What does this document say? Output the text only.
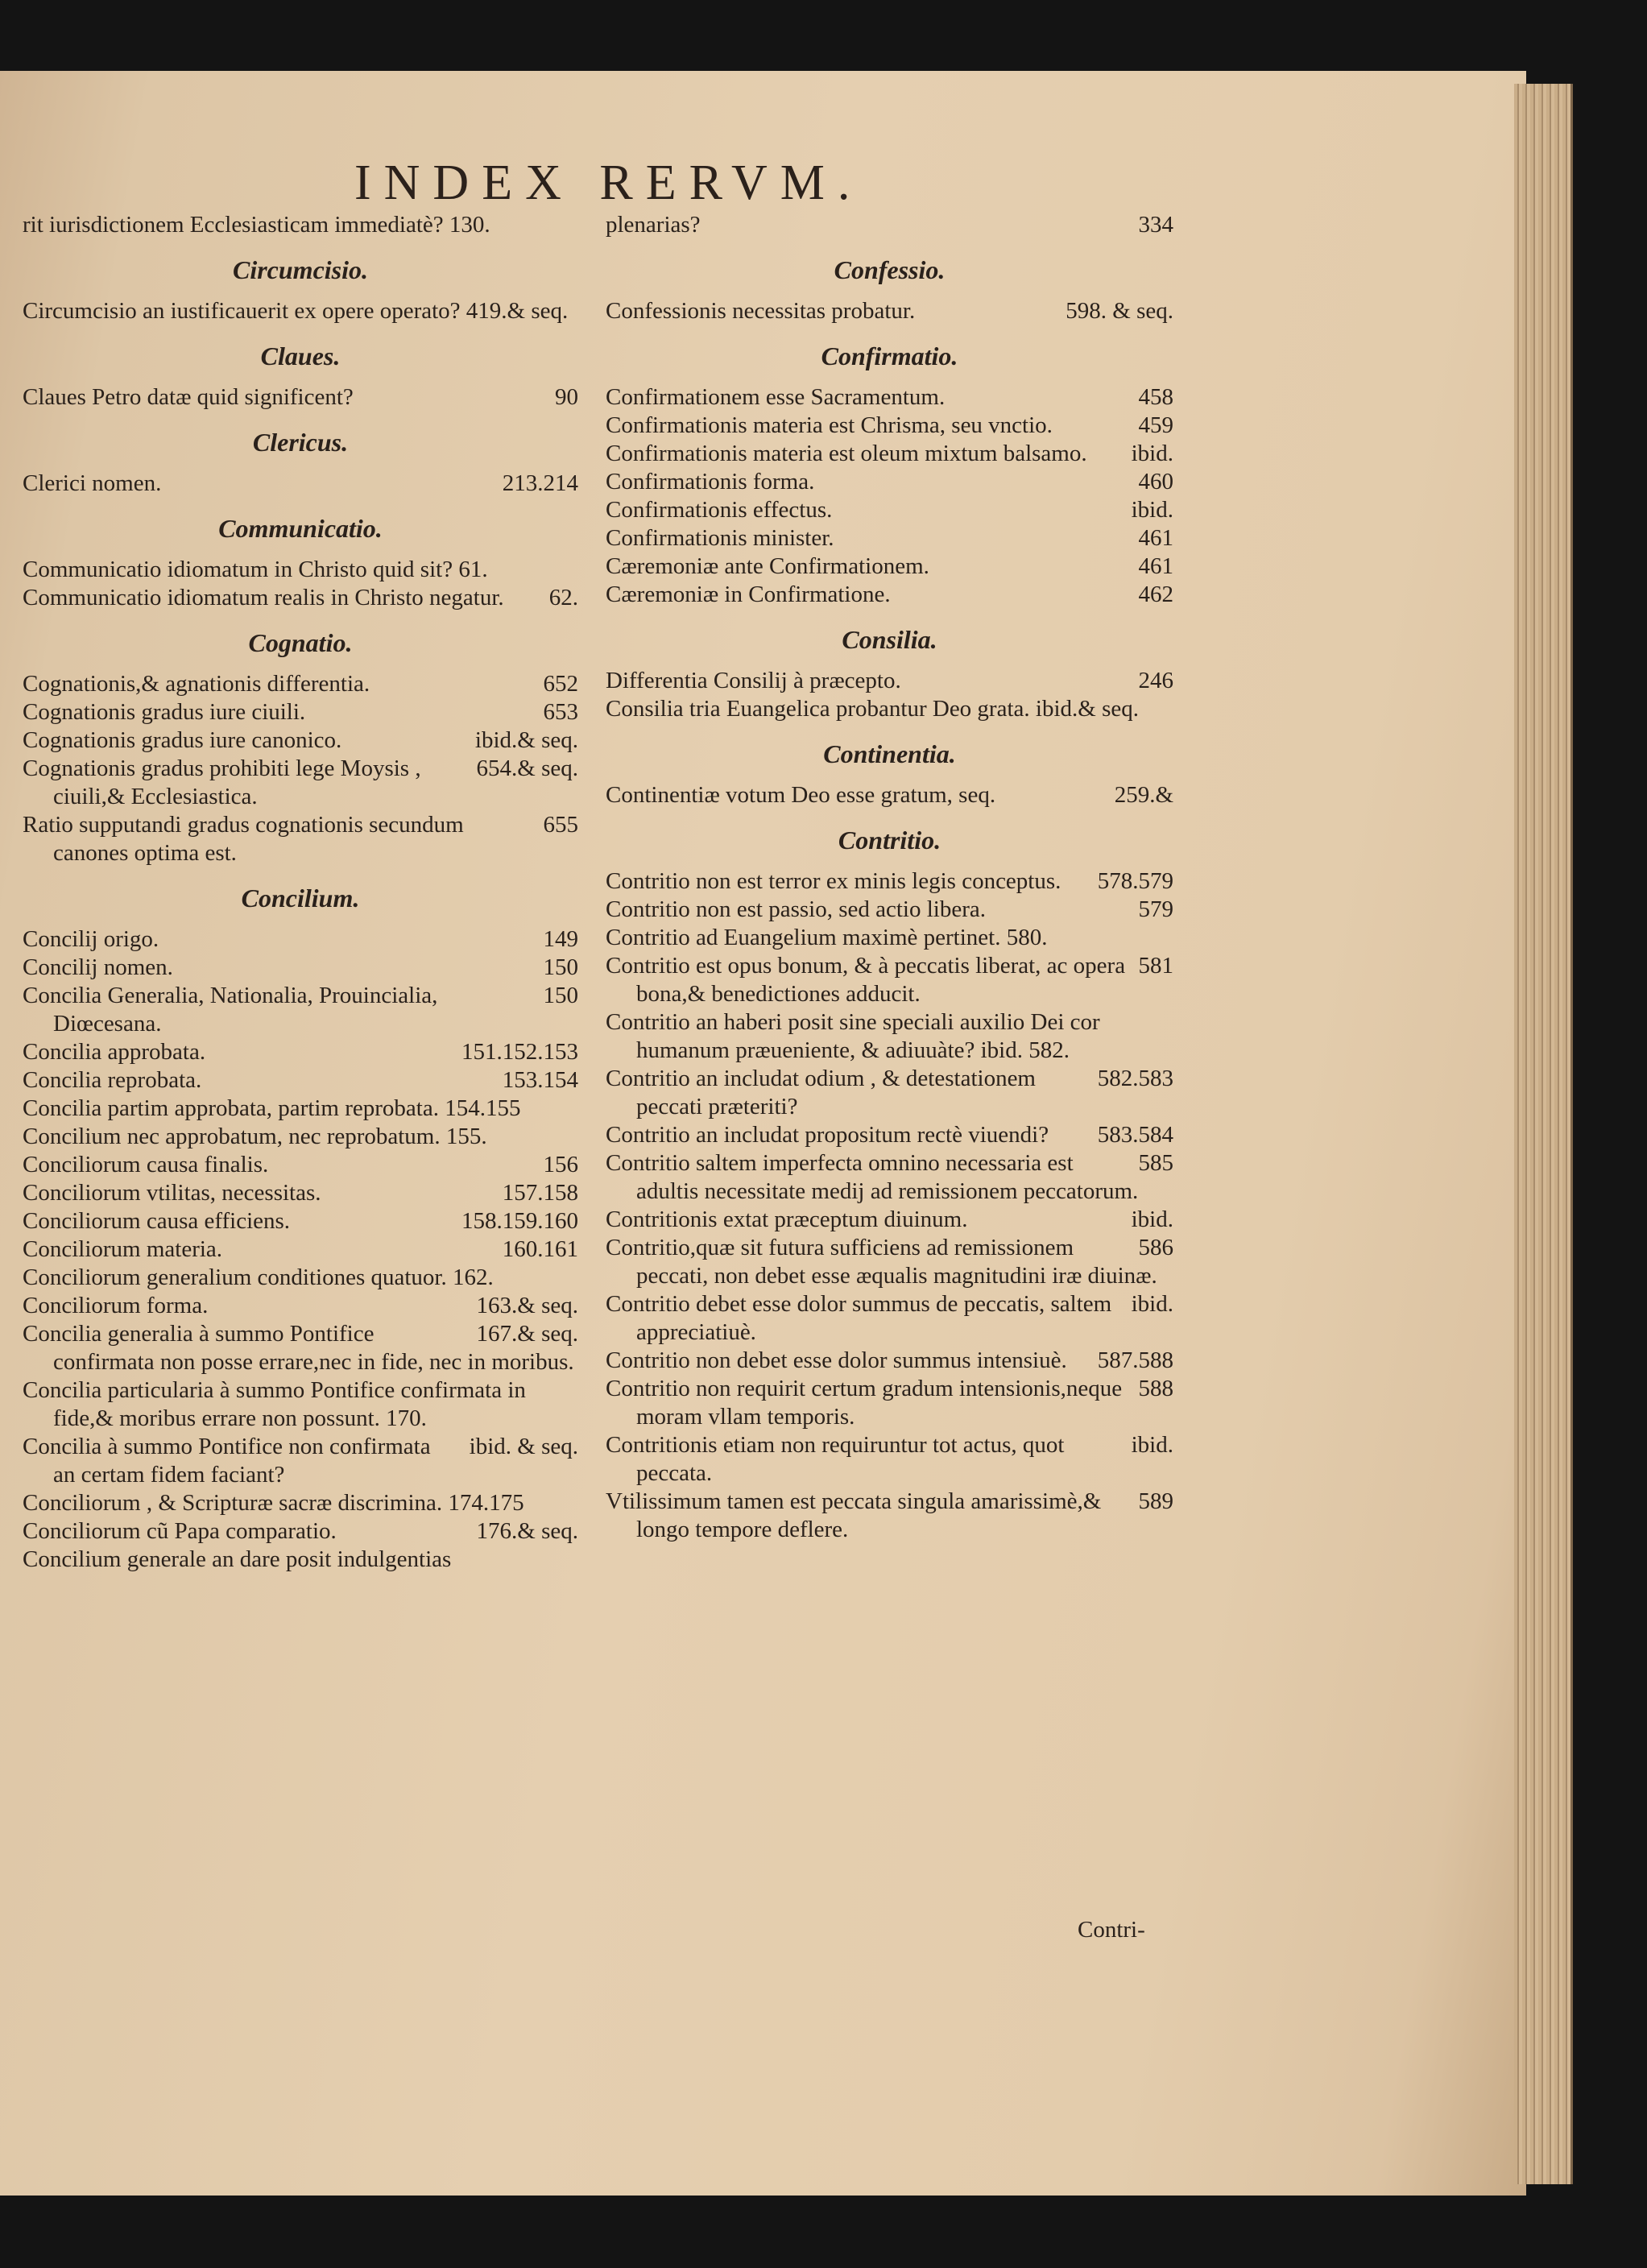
INDEX RERVM.

rit iurisdictionem Ecclesiasticam immediatè? 130.

Circumcisio.

Circumcisio an iustificauerit ex opere operato? 419.& seq.

Claues.

90
Claues Petro datæ quid significent?

Clericus.

213.214
Clerici nomen.

Communicatio.

Communicatio idiomatum in Christo quid sit? 61.

62.
Communicatio idiomatum realis in Christo negatur.

Cognatio.

652
Cognationis,& agnationis differentia.

653
Cognationis gradus iure ciuili.

ibid.& seq.
Cognationis gradus iure canonico.

654.& seq.
Cognationis gradus prohibiti lege Moysis , ciuili,& Ecclesiastica.

655
Ratio supputandi gradus cognationis secundum canones optima est.

Concilium.

149
Concilij origo.

150
Concilij nomen.

150
Concilia Generalia, Nationalia, Prouincialia, Diœcesana.

151.152.153
Concilia approbata.

153.154
Concilia reprobata.

Concilia partim approbata, partim reprobata. 154.155

Concilium nec approbatum, nec reprobatum. 155.

156
Conciliorum causa finalis.

157.158
Conciliorum vtilitas, necessitas.

158.159.160
Conciliorum causa efficiens.

160.161
Conciliorum materia.

Conciliorum generalium conditiones quatuor. 162.

163.& seq.
Conciliorum forma.

167.& seq.
Concilia generalia à summo Pontifice confirmata non posse errare,nec in fide, nec in moribus.

Concilia particularia à summo Pontifice confirmata in fide,& moribus errare non possunt. 170.

ibid. & seq.
Concilia à summo Pontifice non confirmata an certam fidem faciant?

Conciliorum , & Scripturæ sacræ discrimina. 174.175

176.& seq.
Conciliorum cũ Papa comparatio.

Concilium generale an dare posit indulgentias

334
plenarias?

Confessio.

598. & seq.
Confessionis necessitas probatur.

Confirmatio.

458
Confirmationem esse Sacramentum.

459
Confirmationis materia est Chrisma, seu vnctio.

ibid.
Confirmationis materia est oleum mixtum balsamo.

460
Confirmationis forma.

ibid.
Confirmationis effectus.

461
Confirmationis minister.

461
Cæremoniæ ante Confirmationem.

462
Cæremoniæ in Confirmatione.

Consilia.

246
Differentia Consilij à præcepto.

Consilia tria Euangelica probantur Deo grata. ibid.& seq.

Continentia.

259.&
Continentiæ votum Deo esse gratum, seq.

Contritio.

578.579
Contritio non est terror ex minis legis conceptus.

579
Contritio non est passio, sed actio libera.

Contritio ad Euangelium maximè pertinet. 580.

581
Contritio est opus bonum, & à peccatis liberat, ac opera bona,& benedictiones adducit.

Contritio an haberi posit sine speciali auxilio Dei cor humanum præueniente, & adiuuàte? ibid. 582.

582.583
Contritio an includat odium , & detestationem peccati præteriti?

583.584
Contritio an includat propositum rectè viuendi?

585
Contritio saltem imperfecta omnino necessaria est adultis necessitate medij ad remissionem peccatorum.

ibid.
Contritionis extat præceptum diuinum.

586
Contritio,quæ sit futura sufficiens ad remissionem peccati, non debet esse æqualis magnitudini iræ diuinæ.

ibid.
Contritio debet esse dolor summus de peccatis, saltem appreciatiuè.

587.588
Contritio non debet esse dolor summus intensiuè.

588
Contritio non requirit certum gradum intensionis,neque moram vllam temporis.

ibid.
Contritionis etiam non requiruntur tot actus, quot peccata.

589
Vtilissimum tamen est peccata singula amarissimè,& longo tempore deflere.

Contri-
